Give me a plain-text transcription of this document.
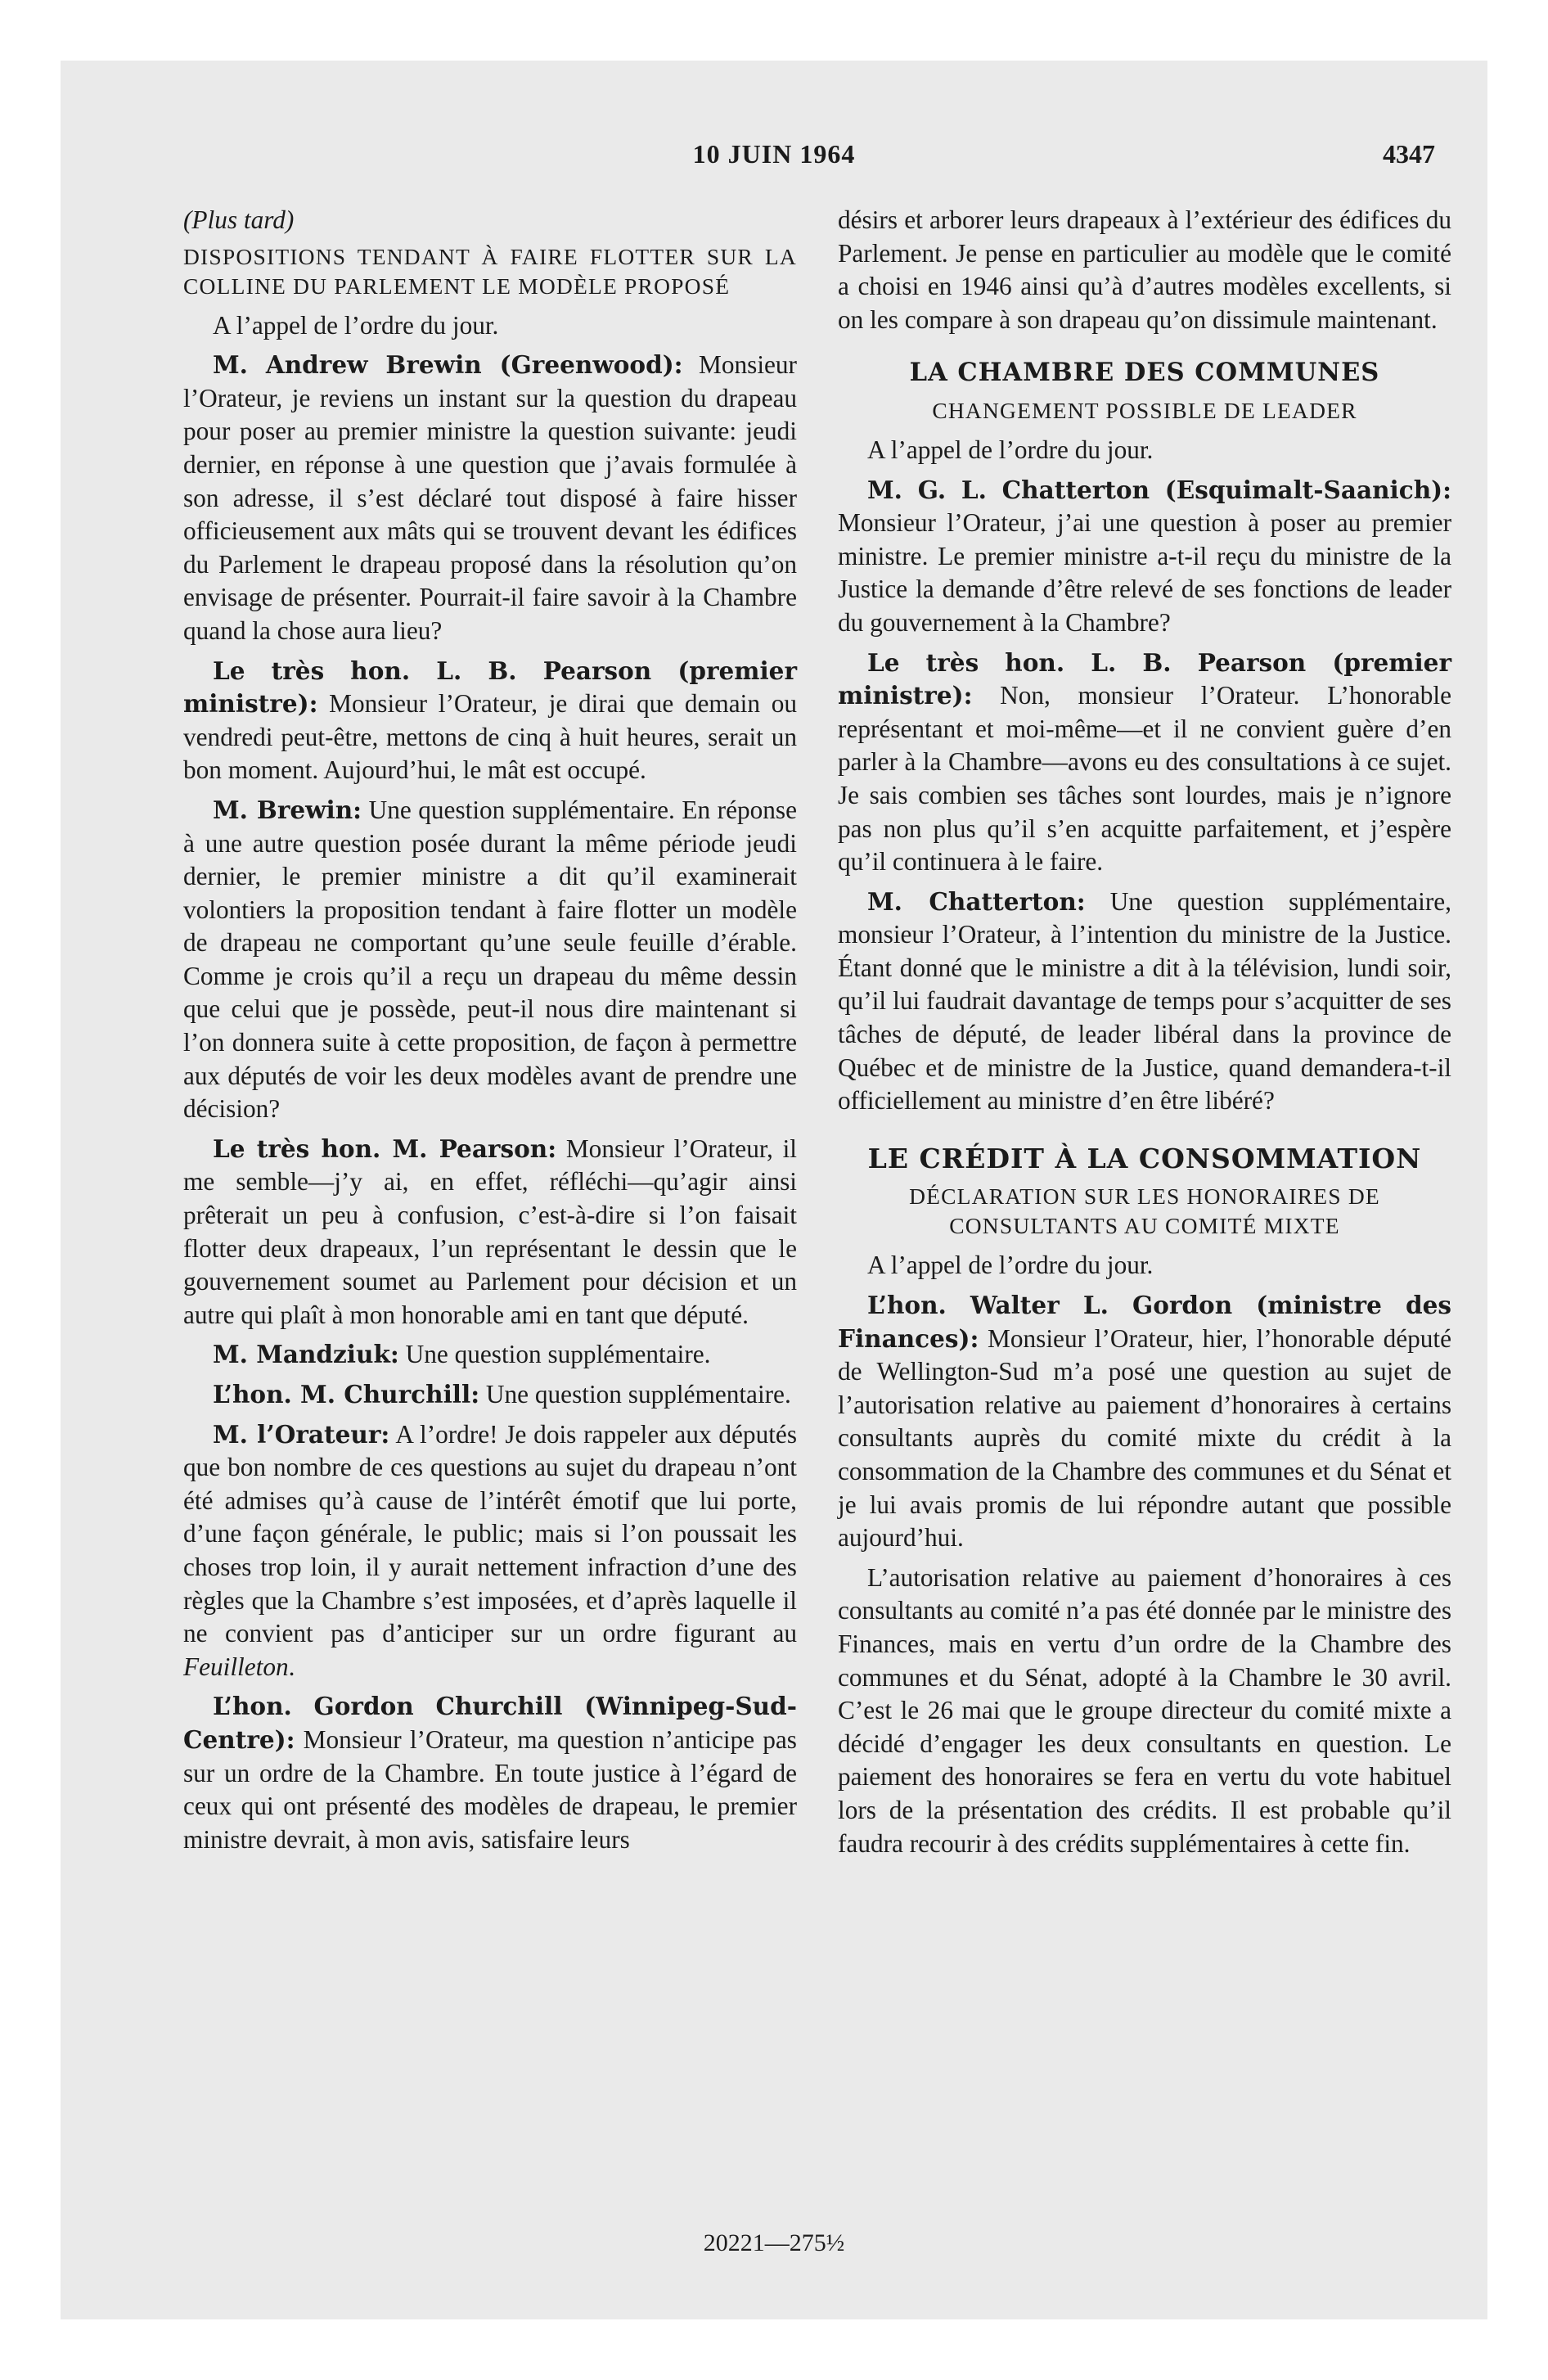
10 JUIN 1964	4347

(Plus tard)

DISPOSITIONS TENDANT À FAIRE FLOTTER SUR LA COLLINE DU PARLEMENT LE MODÈLE PROPOSÉ

A l’appel de l’ordre du jour.

M. Andrew Brewin (Greenwood): Monsieur l’Orateur, je reviens un instant sur la question du drapeau pour poser au premier ministre la question suivante: jeudi dernier, en réponse à une question que j’avais formulée à son adresse, il s’est déclaré tout disposé à faire hisser officieusement aux mâts qui se trouvent devant les édifices du Parlement le drapeau proposé dans la résolution qu’on envisage de présenter. Pourrait-il faire savoir à la Chambre quand la chose aura lieu?

Le très hon. L. B. Pearson (premier ministre): Monsieur l’Orateur, je dirai que demain ou vendredi peut-être, mettons de cinq à huit heures, serait un bon moment. Aujourd’hui, le mât est occupé.

M. Brewin: Une question supplémentaire. En réponse à une autre question posée durant la même période jeudi dernier, le premier ministre a dit qu’il examinerait volontiers la proposition tendant à faire flotter un modèle de drapeau ne comportant qu’une seule feuille d’érable. Comme je crois qu’il a reçu un drapeau du même dessin que celui que je possède, peut-il nous dire maintenant si l’on donnera suite à cette proposition, de façon à permettre aux députés de voir les deux modèles avant de prendre une décision?

Le très hon. M. Pearson: Monsieur l’Orateur, il me semble—j’y ai, en effet, réfléchi—qu’agir ainsi prêterait un peu à confusion, c’est-à-dire si l’on faisait flotter deux drapeaux, l’un représentant le dessin que le gouvernement soumet au Parlement pour décision et un autre qui plaît à mon honorable ami en tant que député.

M. Mandziuk: Une question supplémentaire.

L’hon. M. Churchill: Une question supplémentaire.

M. l’Orateur: A l’ordre! Je dois rappeler aux députés que bon nombre de ces questions au sujet du drapeau n’ont été admises qu’à cause de l’intérêt émotif que lui porte, d’une façon générale, le public; mais si l’on poussait les choses trop loin, il y aurait nettement infraction d’une des règles que la Chambre s’est imposées, et d’après laquelle il ne convient pas d’anticiper sur un ordre figurant au Feuilleton.

L’hon. Gordon Churchill (Winnipeg-Sud-Centre): Monsieur l’Orateur, ma question n’anticipe pas sur un ordre de la Chambre. En toute justice à l’égard de ceux qui ont présenté des modèles de drapeau, le premier ministre devrait, à mon avis, satisfaire leurs

désirs et arborer leurs drapeaux à l’extérieur des édifices du Parlement. Je pense en particulier au modèle que le comité a choisi en 1946 ainsi qu’à d’autres modèles excellents, si on les compare à son drapeau qu’on dissimule maintenant.

LA CHAMBRE DES COMMUNES
CHANGEMENT POSSIBLE DE LEADER

A l’appel de l’ordre du jour.

M. G. L. Chatterton (Esquimalt-Saanich): Monsieur l’Orateur, j’ai une question à poser au premier ministre. Le premier ministre a-t-il reçu du ministre de la Justice la demande d’être relevé de ses fonctions de leader du gouvernement à la Chambre?

Le très hon. L. B. Pearson (premier ministre): Non, monsieur l’Orateur. L’honorable représentant et moi-même—et il ne convient guère d’en parler à la Chambre—avons eu des consultations à ce sujet. Je sais combien ses tâches sont lourdes, mais je n’ignore pas non plus qu’il s’en acquitte parfaitement, et j’espère qu’il continuera à le faire.

M. Chatterton: Une question supplémentaire, monsieur l’Orateur, à l’intention du ministre de la Justice. Étant donné que le ministre a dit à la télévision, lundi soir, qu’il lui faudrait davantage de temps pour s’acquitter de ses tâches de député, de leader libéral dans la province de Québec et de ministre de la Justice, quand demandera-t-il officiellement au ministre d’en être libéré?

LE CRÉDIT À LA CONSOMMATION
DÉCLARATION SUR LES HONORAIRES DE CONSULTANTS AU COMITÉ MIXTE

A l’appel de l’ordre du jour.

L’hon. Walter L. Gordon (ministre des Finances): Monsieur l’Orateur, hier, l’honorable député de Wellington-Sud m’a posé une question au sujet de l’autorisation relative au paiement d’honoraires à certains consultants auprès du comité mixte du crédit à la consommation de la Chambre des communes et du Sénat et je lui avais promis de lui répondre autant que possible aujourd’hui.

L’autorisation relative au paiement d’honoraires à ces consultants au comité n’a pas été donnée par le ministre des Finances, mais en vertu d’un ordre de la Chambre des communes et du Sénat, adopté à la Chambre le 30 avril. C’est le 26 mai que le groupe directeur du comité mixte a décidé d’engager les deux consultants en question. Le paiement des honoraires se fera en vertu du vote habituel lors de la présentation des crédits. Il est probable qu’il faudra recourir à des crédits supplémentaires à cette fin.

20221—275½
